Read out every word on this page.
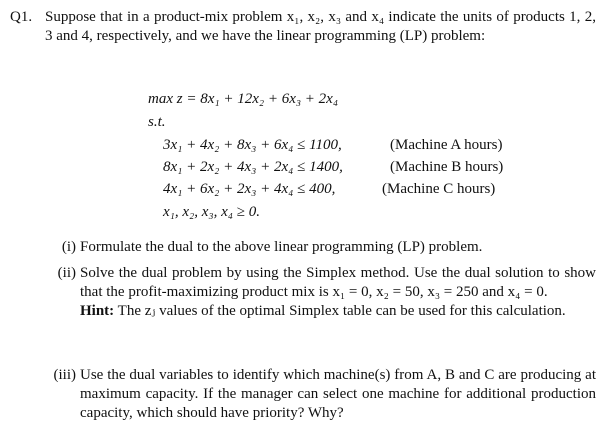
Q1. Suppose that in a product-mix problem x₁, x₂, x₃ and x₄ indicate the units of products 1, 2, 3 and 4, respectively, and we have the linear programming (LP) problem:
max z = 8x₁ + 12x₂ + 6x₃ + 2x₄
s.t.
3x₁ + 4x₂ + 8x₃ + 6x₄ ≤ 1100,	(Machine A hours)
8x₁ + 2x₂ + 4x₃ + 2x₄ ≤ 1400,	(Machine B hours)
4x₁ + 6x₂ + 2x₃ + 4x₄ ≤ 400,	(Machine C hours)
x₁, x₂, x₃, x₄ ≥ 0.
(i) Formulate the dual to the above linear programming (LP) problem.
(ii) Solve the dual problem by using the Simplex method. Use the dual solution to show that the profit-maximizing product mix is x₁ = 0, x₂ = 50, x₃ = 250 and x₄ = 0.
Hint: The zⱼ values of the optimal Simplex table can be used for this calculation.
(iii) Use the dual variables to identify which machine(s) from A, B and C are producing at maximum capacity. If the manager can select one machine for additional production capacity, which should have priority? Why?
